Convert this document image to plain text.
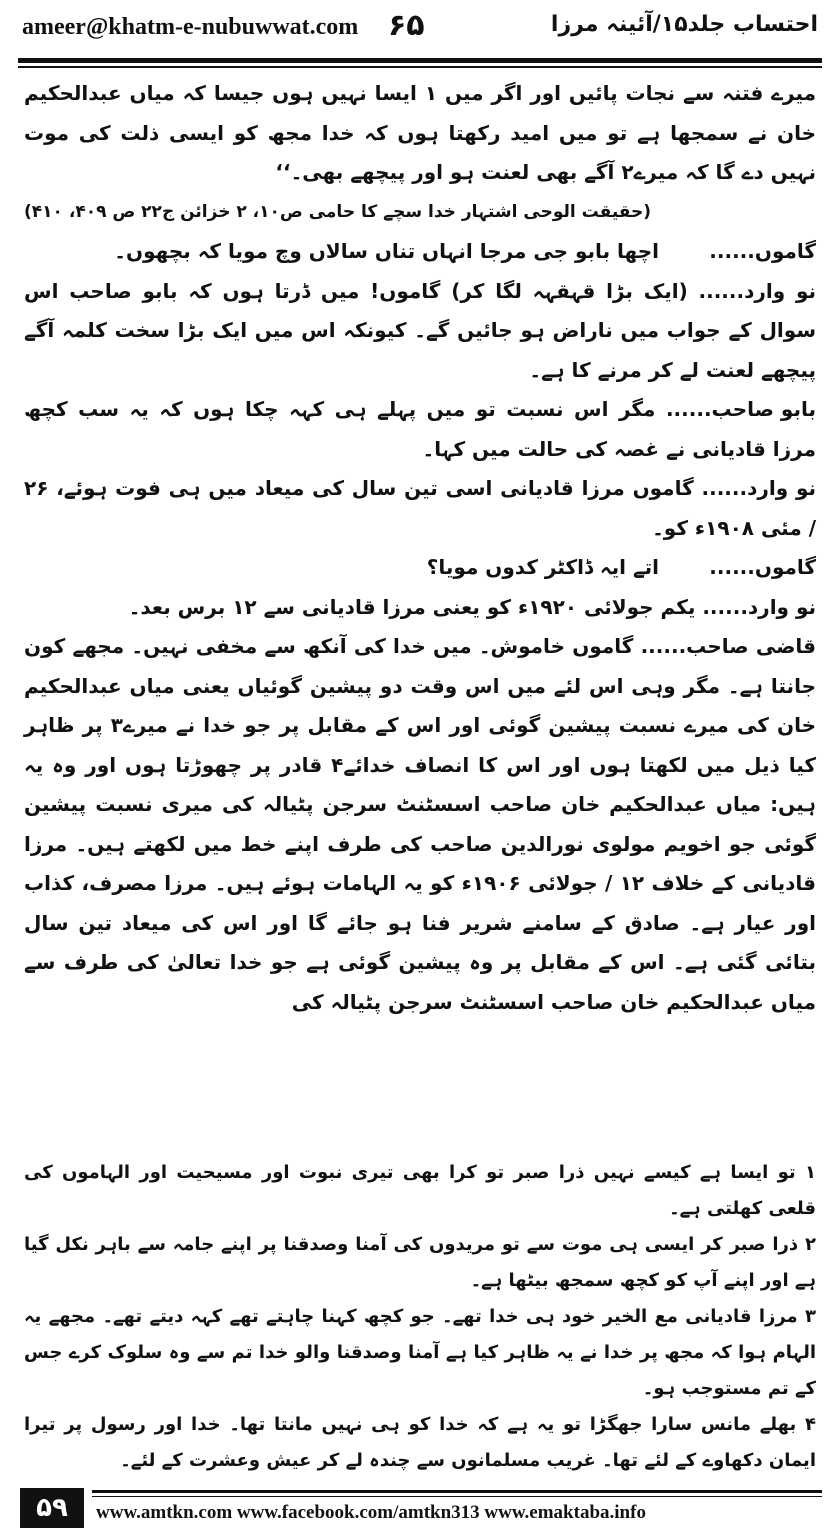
ameer@khatm-e-nubuwwat.com ۶۵	احتساب جلد۱۵/آئینہ مرزا

میرے فتنہ سے نجات پائیں اور اگر میں ۱ ایسا نہیں ہوں جیسا کہ میاں عبدالحکیم خان نے سمجھا ہے تو میں امید رکھتا ہوں کہ خدا مجھ کو ایسی ذلت کی موت نہیں دے گا کہ میرے۲ آگے بھی لعنت ہو اور پیچھے بھی۔‘‘
(حقیقت الوحی اشتہار خدا سچے کا حامی ص۱۰، ۲ خزائن ج۲۲ ص ۴۰۹، ۴۱۰)

گاموں...... اچھا بابو جی مرجا انہاں تناں سالاں وچ مویا کہ بچھوں۔

نو وارد...... (ایک بڑا قہقہہ لگا کر) گاموں! میں ڈرتا ہوں کہ بابو صاحب اس سوال کے جواب میں ناراض ہو جائیں گے۔ کیونکہ اس میں ایک بڑا سخت کلمہ آگے پیچھے لعنت لے کر مرنے کا ہے۔

بابو صاحب...... مگر اس نسبت تو میں پہلے ہی کہہ چکا ہوں کہ یہ سب کچھ مرزا قادیانی نے غصہ کی حالت میں کہا۔

نو وارد...... گاموں مرزا قادیانی اسی تین سال کی میعاد میں ہی فوت ہوئے، ۲۶ / مئی ۱۹۰۸ء کو۔

گاموں...... اتے ایہ ڈاکٹر کدوں مویا؟

نو وارد...... یکم جولائی ۱۹۲۰ء کو یعنی مرزا قادیانی سے ۱۲ برس بعد۔

قاضی صاحب...... گاموں خاموش۔ میں خدا کی آنکھ سے مخفی نہیں۔ مجھے کون جانتا ہے۔ مگر وہی اس لئے میں اس وقت دو پیشین گوئیاں یعنی میاں عبدالحکیم خان کی میرے نسبت پیشین گوئی اور اس کے مقابل پر جو خدا نے میرے۳ پر ظاہر کیا ذیل میں لکھتا ہوں اور اس کا انصاف خدائے۴ قادر پر چھوڑتا ہوں اور وہ یہ ہیں: میاں عبدالحکیم خان صاحب اسسٹنٹ سرجن پٹیالہ کی میری نسبت پیشین گوئی جو اخویم مولوی نورالدین صاحب کی طرف اپنے خط میں لکھتے ہیں۔ مرزا قادیانی کے خلاف ۱۲ / جولائی ۱۹۰۶ء کو یہ الہامات ہوئے ہیں۔ مرزا مصرف، کذاب اور عیار ہے۔ صادق کے سامنے شریر فنا ہو جائے گا اور اس کی میعاد تین سال بتائی گئی ہے۔ اس کے مقابل پر وہ پیشین گوئی ہے جو خدا تعالیٰ کی طرف سے میاں عبدالحکیم خان صاحب اسسٹنٹ سرجن پٹیالہ کی

۱ تو ایسا ہے کیسے نہیں ذرا صبر تو کرا بھی تیری نبوت اور مسیحیت اور الہاموں کی قلعی کھلتی ہے۔

۲ ذرا صبر کر ایسی ہی موت سے تو مریدوں کی آمنا وصدقنا پر اپنے جامہ سے باہر نکل گیا ہے اور اپنے آپ کو کچھ سمجھ بیٹھا ہے۔

۳ مرزا قادیانی مع الخیر خود ہی خدا تھے۔ جو کچھ کہنا چاہتے تھے کہہ دیتے تھے۔ مجھے یہ الہام ہوا کہ مجھ پر خدا نے یہ ظاہر کیا ہے آمنا وصدقنا والو خدا تم سے وہ سلوک کرے جس کے تم مستوجب ہو۔

۴ بھلے مانس سارا جھگڑا تو یہ ہے کہ خدا کو ہی نہیں مانتا تھا۔ خدا اور رسول پر تیرا ایمان دکھاوے کے لئے تھا۔ غریب مسلمانوں سے چندہ لے کر عیش وعشرت کے لئے۔

۵۹	www.amtkn.com www.facebook.com/amtkn313 www.emaktaba.info
